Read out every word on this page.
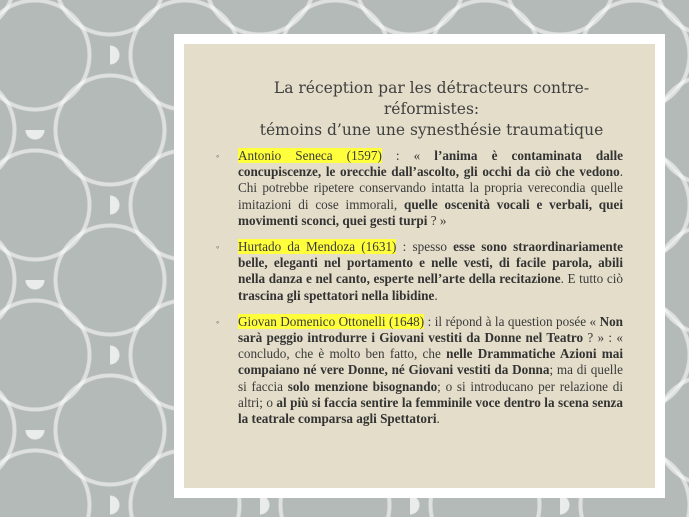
La réception par les détracteurs contre-réformistes:
témoins d’une une synesthésie traumatique
◦ Antonio Seneca (1597) : « l’anima è contaminata dalle concupiscenze, le orecchie dall’ascolto, gli occhi da ciò che vedono. Chi potrebbe ripetere conservando intatta la propria verecondia quelle imitazioni di cose immorali, quelle oscenità vocali e verbali, quei movimenti sconci, quei gesti turpi ? »
◦ Hurtado da Mendoza (1631) : spesso esse sono straordinariamente belle, eleganti nel portamento e nelle vesti, di facile parola, abili nella danza e nel canto, esperte nell’arte della recitazione. E tutto ciò trascina gli spettatori nella libidine.
◦ Giovan Domenico Ottonelli (1648) : il répond à la question posée « Non sarà peggio introdurre i Giovani vestiti da Donne nel Teatro ? » : « concludo, che è molto ben fatto, che nelle Drammatiche Azioni mai compaiano né vere Donne, né Giovani vestiti da Donna; ma di quelle si faccia solo menzione bisognando; o si introducano per relazione di altri; o al più si faccia sentire la femminile voce dentro la scena senza la teatrale comparsa agli Spettatori.
